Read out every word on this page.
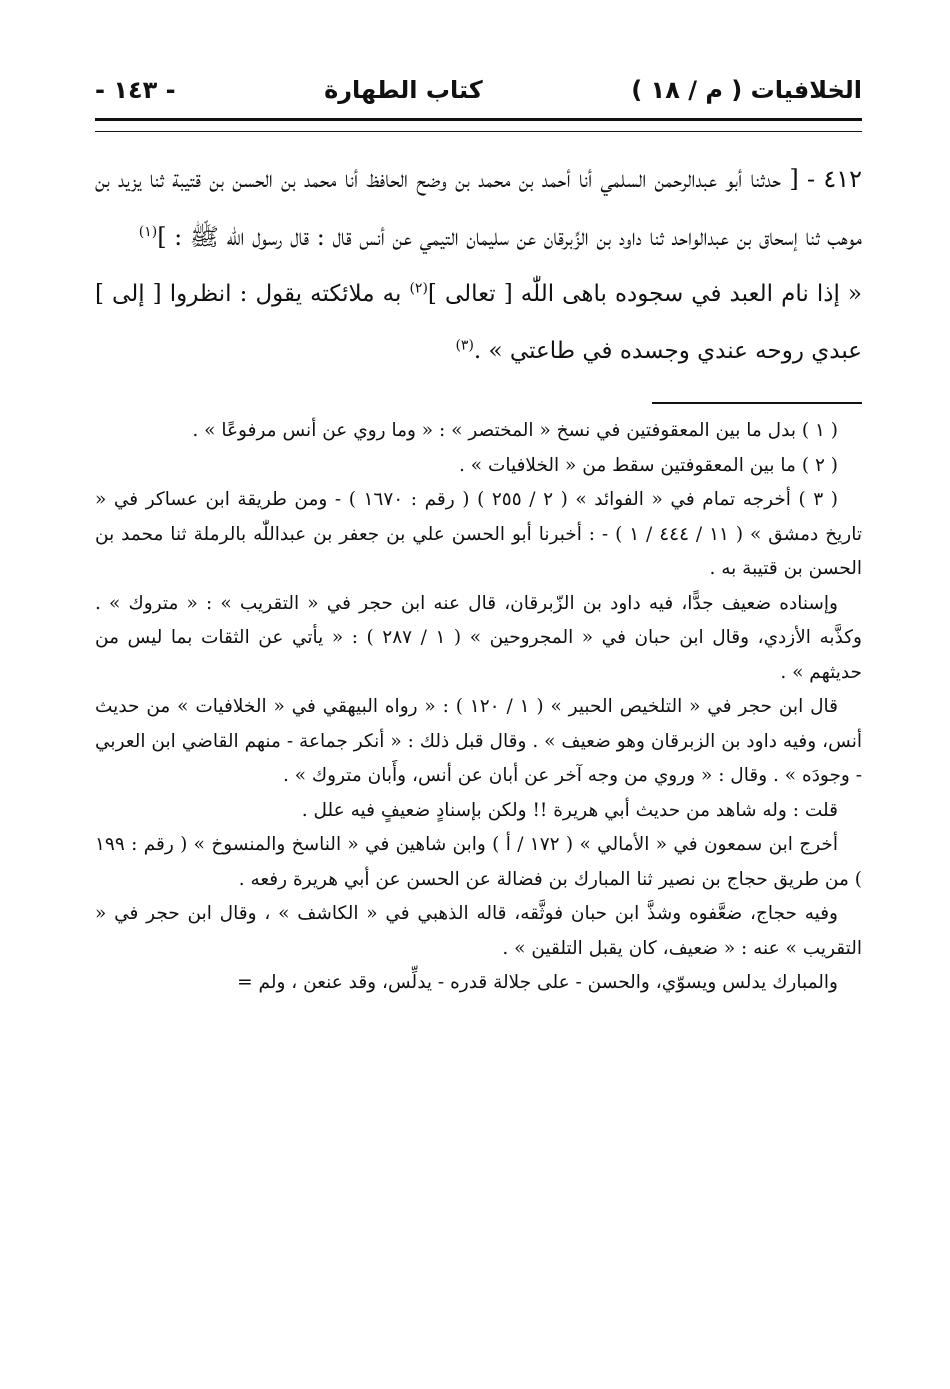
الخلافيات ( م / ١٨ )
كتاب الطهارة
- ١٤٣ -

٤١٢ - [ حدثنا أبو عبدالرحمن السلمي أنا أحمد بن محمد بن وضح الحافظ أنا محمد بن الحسن بن قتيبة ثنا يزيد بن موهب ثنا إسحاق بن عبدالواحد ثنا داود بن الزِّبرقان عن سليمان التيمي عن أنس قال : قال رسول اللّٰه ﷺ : ]$^{(١)}$

« إذا نام العبد في سجوده باهى اللّٰه [ تعالى ]$^{(٢)}$ به ملائكته يقول : انظروا [ إلى ] عبدي روحه عندي وجسده في طاعتي » .$^{(٣)}$

( ١ ) بدل ما بين المعقوفتين في نسخ « المختصر » : « وما روي عن أنس مرفوعًا » .

( ٢ ) ما بين المعقوفتين سقط من « الخلافيات » .

( ٣ ) أخرجه تمام في « الفوائد » ( ٢ / ٢٥٥ ) ( رقم : ١٦٧٠ ) - ومن طريقة ابن عساكر في « تاريخ دمشق » ( ١١ / ٤٤٤ / ١ ) - : أخبرنا أبو الحسن علي بن جعفر بن عبداللّٰه بالرملة ثنا محمد بن الحسن بن قتيبة به .

وإسناده ضعيف جدًّا، فيه داود بن الزّبرقان، قال عنه ابن حجر في « التقريب » : « متروك » . وكذَّبه الأزدي، وقال ابن حبان في « المجروحين » ( ١ / ٢٨٧ ) : « يأتي عن الثقات بما ليس من حديثهم » .

قال ابن حجر في « التلخيص الحبير » ( ١ / ١٢٠ ) : « رواه البيهقي في « الخلافيات » من حديث أنس، وفيه داود بن الزبرقان وهو ضعيف » . وقال قبل ذلك : « أنكر جماعة - منهم القاضي ابن العربي - وجودَه » . وقال : « وروي من وجه آخر عن أبان عن أنس، وأَبان متروك » .

قلت : وله شاهد من حديث أبي هريرة !! ولكن بإسنادٍ ضعيفٍ فيه علل .

أخرج ابن سمعون في « الأمالي » ( ١٧٢ / أ ) وابن شاهين في « الناسخ والمنسوخ » ( رقم : ١٩٩ ) من طريق حجاج بن نصير ثنا المبارك بن فضالة عن الحسن عن أبي هريرة رفعه .

وفيه حجاج، ضعَّفوه وشذَّ ابن حبان فوثَّقه، قاله الذهبي في « الكاشف » ، وقال ابن حجر في « التقريب » عنه : « ضعيف، كان يقبل التلقين » .

والمبارك يدلس ويسوّي، والحسن - على جلالة قدره - يدلِّس، وقد عنعن ، ولم =
